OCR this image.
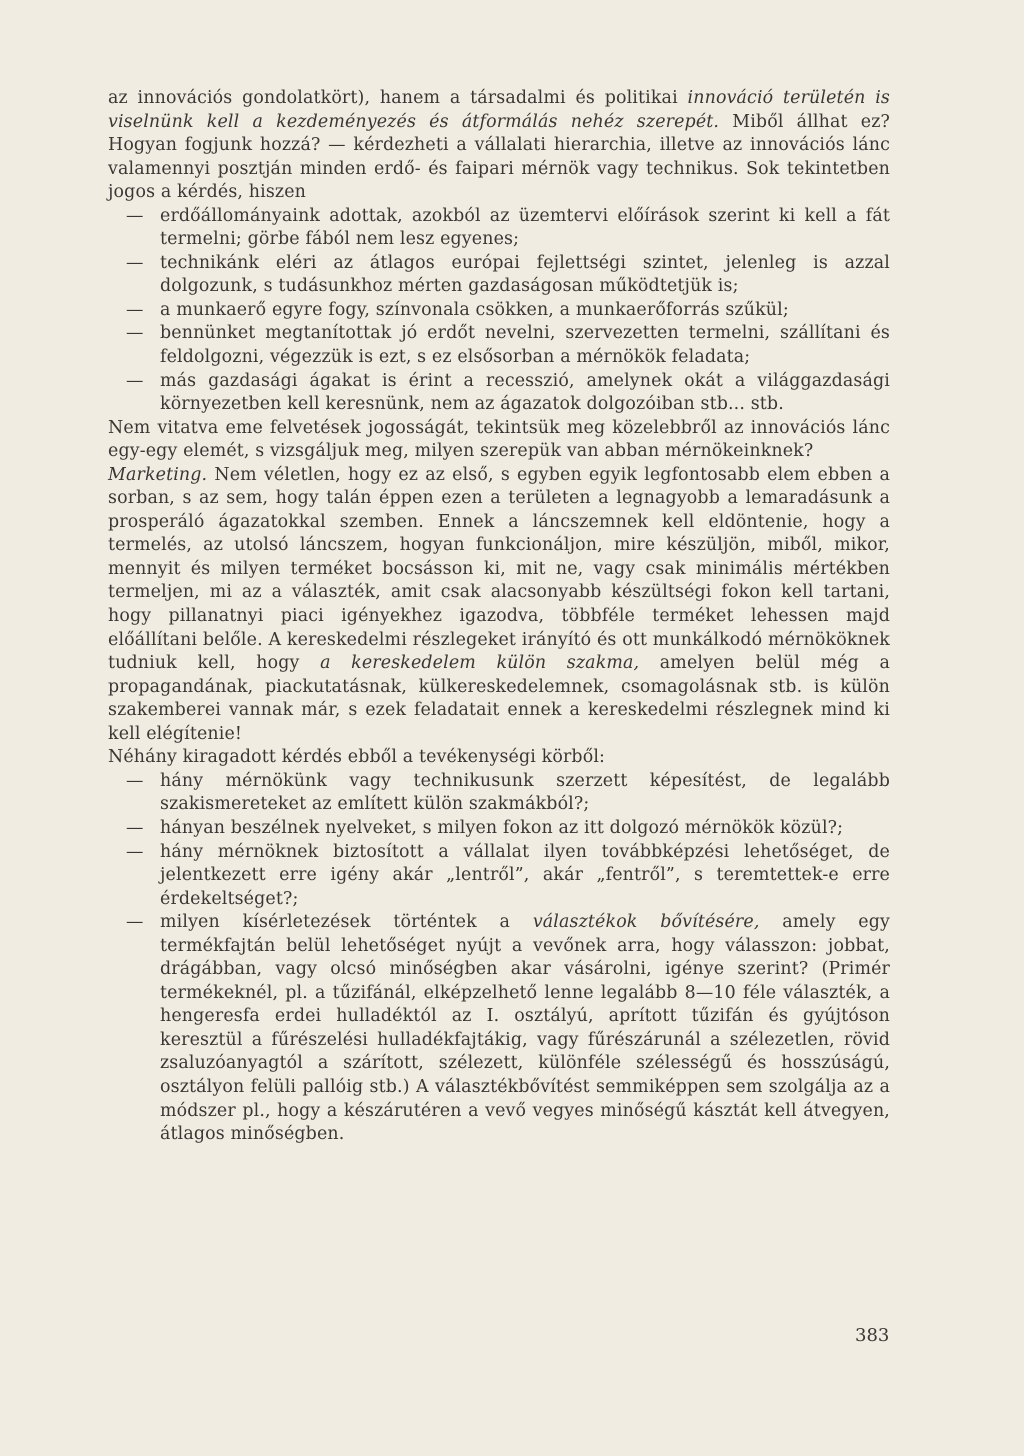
az innovációs gondolatkört), hanem a társadalmi és politikai innováció területén is viselnünk kell a kezdeményezés és átformálás nehéz szerepét. Miből állhat ez? Hogyan fogjunk hozzá? — kérdezheti a vállalati hierarchia, illetve az innovációs lánc valamennyi posztján minden erdő- és faipari mérnök vagy technikus. Sok tekintetben jogos a kérdés, hiszen

— erdőállományaink adottak, azokból az üzemtervi előírások szerint ki kell a fát termelni; görbe fából nem lesz egyenes;

— technikánk eléri az átlagos európai fejlettségi szintet, jelenleg is azzal dolgozunk, s tudásunkhoz mérten gazdaságosan működtetjük is;

— a munkaerő egyre fogy, színvonala csökken, a munkaerőforrás szűkül;

— bennünket megtanítottak jó erdőt nevelni, szervezetten termelni, szállítani és feldolgozni, végezzük is ezt, s ez elsősorban a mérnökök feladata;

— más gazdasági ágakat is érint a recesszió, amelynek okát a világgazdasági környezetben kell keresnünk, nem az ágazatok dolgozóiban stb... stb.

Nem vitatva eme felvetések jogosságát, tekintsük meg közelebbről az innovációs lánc egy-egy elemét, s vizsgáljuk meg, milyen szerepük van abban mérnökeinknek?

Marketing. Nem véletlen, hogy ez az első, s egyben egyik legfontosabb elem ebben a sorban, s az sem, hogy talán éppen ezen a területen a legnagyobb a lemaradásunk a prosperáló ágazatokkal szemben. Ennek a láncszemnek kell eldöntenie, hogy a termelés, az utolsó láncszem, hogyan funkcionáljon, mire készüljön, miből, mikor, mennyit és milyen terméket bocsásson ki, mit ne, vagy csak minimális mértékben termeljen, mi az a választék, amit csak alacsonyabb készültségi fokon kell tartani, hogy pillanatnyi piaci igényekhez igazodva, többféle terméket lehessen majd előállítani belőle. A kereskedelmi részlegeket irányító és ott munkálkodó mérnököknek tudniuk kell, hogy a kereskedelem külön szakma, amelyen belül még a propagandának, piackutatásnak, külkereskedelemnek, csomagolásnak stb. is külön szakemberei vannak már, s ezek feladatait ennek a kereskedelmi részlegnek mind ki kell elégítenie!

Néhány kiragadott kérdés ebből a tevékenységi körből:

— hány mérnökünk vagy technikusunk szerzett képesítést, de legalább szakismereteket az említett külön szakmákból?;

— hányan beszélnek nyelveket, s milyen fokon az itt dolgozó mérnökök közül?;

— hány mérnöknek biztosított a vállalat ilyen továbbképzési lehetőséget, de jelentkezett erre igény akár „lentről”, akár „fentről”, s teremtettek-e erre érdekeltséget?;

— milyen kísérletezések történtek a választékok bővítésére, amely egy termékfajtán belül lehetőséget nyújt a vevőnek arra, hogy válasszon: jobbat, drágábban, vagy olcsó minőségben akar vásárolni, igénye szerint? (Primér termékeknél, pl. a tűzifánál, elképzelhető lenne legalább 8—10 féle választék, a hengeresfa erdei hulladéktól az I. osztályú, aprított tűzifán és gyújtóson keresztül a fűrészelési hulladékfajtákig, vagy fűrészárunál a szélezetlen, rövid zsaluzóanyagtól a szárított, szélezett, különféle szélességű és hosszúságú, osztályon felüli pallóig stb.) A választékbővítést semmiképpen sem szolgálja az a módszer pl., hogy a készárutéren a vevő vegyes minőségű kásztát kell átvegyen, átlagos minőségben.

383
